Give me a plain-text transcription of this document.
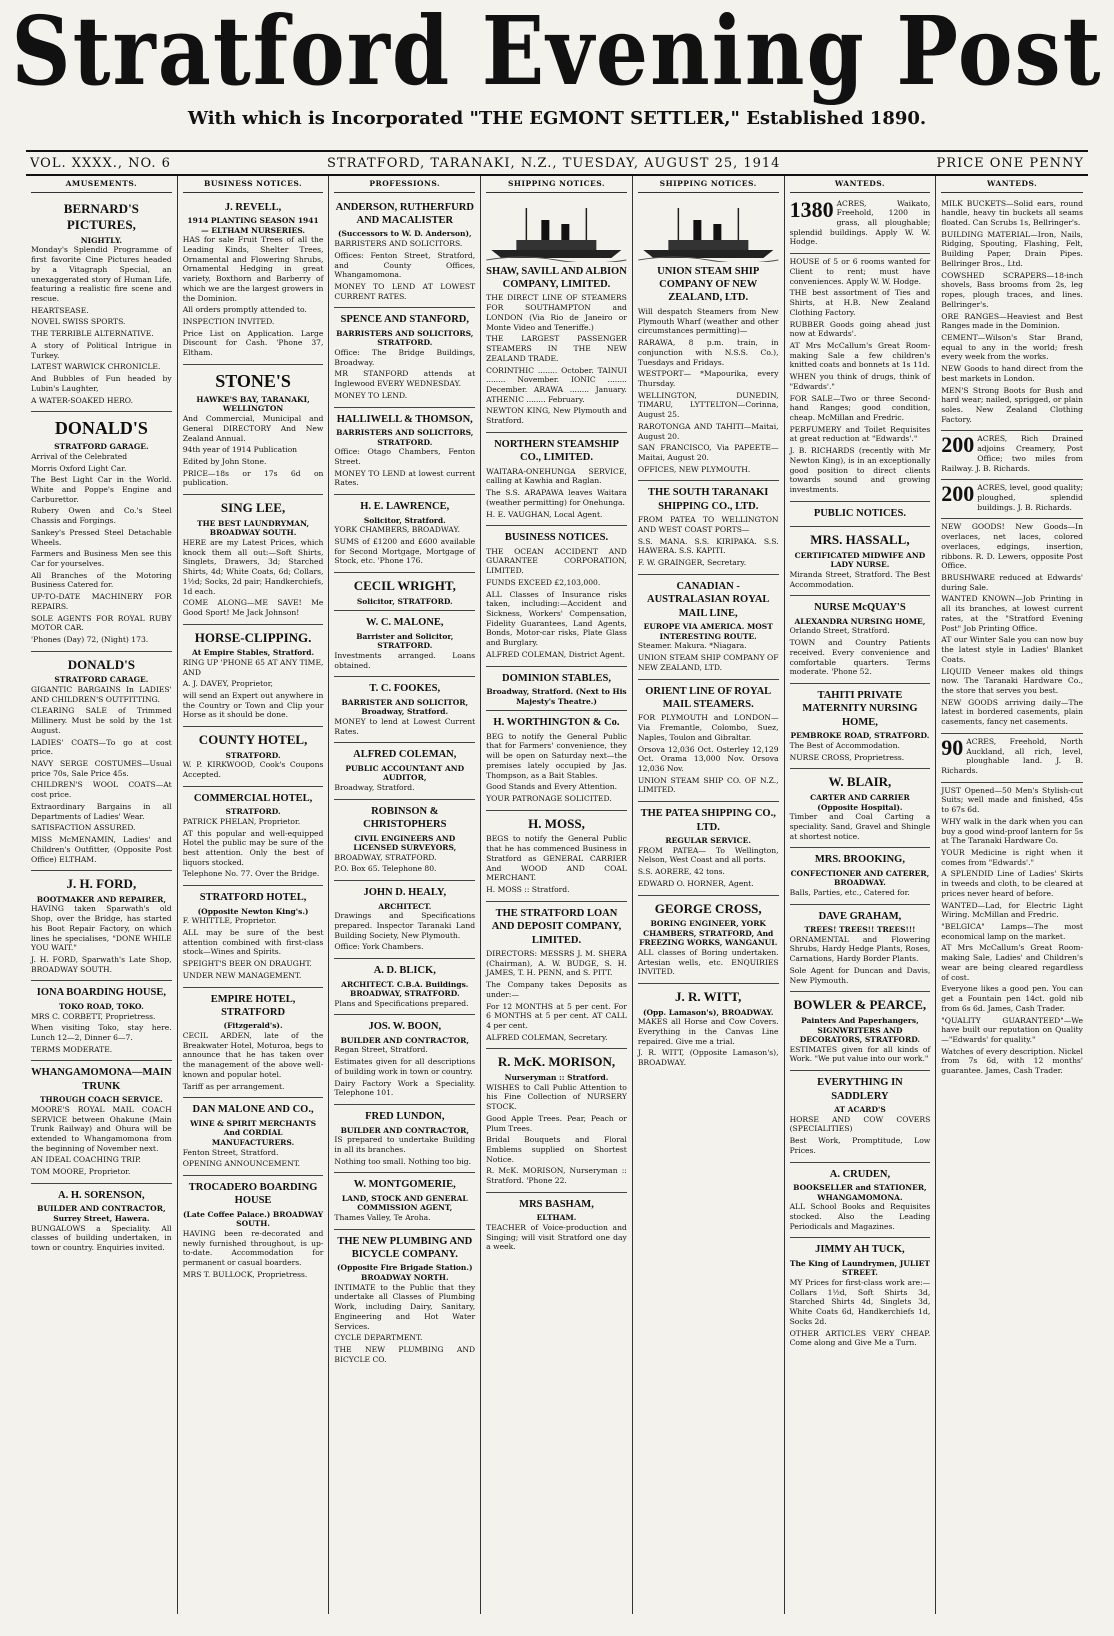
Stratford Evening Post
With which is Incorporated "THE EGMONT SETTLER," Established 1890.
VOL. XXXX., NO. 6	STRATFORD, TARANAKI, N.Z., TUESDAY, AUGUST 25, 1914	PRICE ONE PENNY
AMUSEMENTS.
BERNARD'S PICTURES,
NIGHTLY.

Monday's Splendid Programme of first favorite Cine Pictures headed by a Vitagraph Special, an unexaggerated story of Human Life, featuring a realistic fire scene and rescue.

HEARTSEASE.

NOVEL SWISS SPORTS.

THE TERRIBLE ALTERNATIVE.

A story of Political Intrigue in Turkey.

LATEST WARWICK CHRONICLE.

And Bubbles of Fun headed by Lubin's Laughter,

A WATER-SOAKED HERO.

DONALD'S
STRATFORD GARAGE.

Arrival of the Celebrated

Morris Oxford Light Car.

The Best Light Car in the World. White and Poppe's Engine and Carburettor.

Rubery Owen and Co.'s Steel Chassis and Forgings.

Sankey's Pressed Steel Detachable Wheels.

Farmers and Business Men see this Car for yourselves.

All Branches of the Motoring Business Catered for.

UP-TO-DATE MACHINERY FOR REPAIRS.

SOLE AGENTS FOR ROYAL RUBY MOTOR CAR.

'Phones (Day) 72, (Night) 173.

DONALD'S
STRATFORD CARAGE.

GIGANTIC BARGAINS In LADIES' AND CHILDREN'S OUTFITTING.

CLEARING SALE of Trimmed Millinery. Must be sold by the 1st August.

LADIES' COATS—To go at cost price.

NAVY SERGE COSTUMES—Usual price 70s, Sale Price 45s.

CHILDREN'S WOOL COATS—At cost price.

Extraordinary Bargains in all Departments of Ladies' Wear.

SATISFACTION ASSURED.

MISS McMENAMIN, Ladies' and Children's Outfitter, (Opposite Post Office) ELTHAM.

J. H. FORD,
BOOTMAKER AND REPAIRER,

HAVING taken Sparwath's old Shop, over the Bridge, has started his Boot Repair Factory, on which lines he specialises, "DONE WHILE YOU WAIT."

J. H. FORD, Sparwath's Late Shop, BROADWAY SOUTH.

IONA BOARDING HOUSE,
TOKO ROAD, TOKO.

MRS C. CORBETT, Proprietress.

When visiting Toko, stay here. Lunch 12—2, Dinner 6—7.

TERMS MODERATE.

WHANGAMOMONA—MAIN TRUNK
THROUGH COACH SERVICE.

MOORE'S ROYAL MAIL COACH SERVICE between Ohakune (Main Trunk Railway) and Ohura will be extended to Whangamomona from the beginning of November next.

AN IDEAL COACHING TRIP.

TOM MOORE, Proprietor.

A. H. SORENSON,
BUILDER AND CONTRACTOR, Surrey Street, Hawera.

BUNGALOWS a Speciality. All classes of building undertaken, in town or country. Enquiries invited.

BUSINESS NOTICES.
J. REVELL,
1914 PLANTING SEASON 1941 — ELTHAM NURSERIES.

HAS for sale Fruit Trees of all the Leading Kinds, Shelter Trees, Ornamental and Flowering Shrubs, Ornamental Hedging in great variety, Boxthorn and Barberry of which we are the largest growers in the Dominion.

All orders promptly attended to.

INSPECTION INVITED.

Price List on Application. Large Discount for Cash. 'Phone 37, Eltham.

STONE'S
HAWKE'S BAY, TARANAKI, WELLINGTON

And Commercial, Municipal and General DIRECTORY And New Zealand Annual.

94th year of 1914 Publication

Edited by John Stone.

PRICE—18s or 17s 6d on publication.

SING LEE,
THE BEST LAUNDRYMAN, BROADWAY SOUTH.

HERE are my Latest Prices, which knock them all out:—Soft Shirts, Singlets, Drawers, 3d; Starched Shirts, 4d; White Coats, 6d; Collars, 1½d; Socks, 2d pair; Handkerchiefs, 1d each.

COME ALONG—ME SAVE! Me Good Sport! Me Jack Johnson!

HORSE-CLIPPING.
At Empire Stables, Stratford.

RING UP 'PHONE 65 AT ANY TIME, AND

A. J. DAVEY, Proprietor,

will send an Expert out anywhere in the Country or Town and Clip your Horse as it should be done.

COUNTY HOTEL,
STRATFORD.

W. P. KIRKWOOD, Cook's Coupons Accepted.

COMMERCIAL HOTEL,
STRATFORD.

PATRICK PHELAN, Proprietor.

AT this popular and well-equipped Hotel the public may be sure of the best attention. Only the best of liquors stocked.

Telephone No. 77. Over the Bridge.

STRATFORD HOTEL,
(Opposite Newton King's.)

F. WHITTLE, Proprietor.

ALL may be sure of the best attention combined with first-class stock—Wines and Spirits.

SPEIGHT'S BEER ON DRAUGHT.

UNDER NEW MANAGEMENT.

EMPIRE HOTEL, STRATFORD
(Fitzgerald's).

CECIL ARDEN, late of the Breakwater Hotel, Moturoa, begs to announce that he has taken over the management of the above well-known and popular hotel.

Tariff as per arrangement.

DAN MALONE AND CO.,
WINE & SPIRIT MERCHANTS And CORDIAL MANUFACTURERS.

Fenton Street, Stratford.

OPENING ANNOUNCEMENT.

TROCADERO BOARDING HOUSE
(Late Coffee Palace.) BROADWAY SOUTH.

HAVING been re-decorated and newly furnished throughout, is up-to-date. Accommodation for permanent or casual boarders.

MRS T. BULLOCK, Proprietress.

PROFESSIONS.
ANDERSON, RUTHERFURD AND MACALISTER
(Successors to W. D. Anderson),

BARRISTERS AND SOLICITORS.

Offices: Fenton Street, Stratford, and County Offices, Whangamomona.

MONEY TO LEND AT LOWEST CURRENT RATES.

SPENCE AND STANFORD,
BARRISTERS AND SOLICITORS, STRATFORD.

Office: The Bridge Buildings, Broadway.

MR STANFORD attends at Inglewood EVERY WEDNESDAY.

MONEY TO LEND.

HALLIWELL & THOMSON,
BARRISTERS AND SOLICITORS, STRATFORD.

Office: Otago Chambers, Fenton Street.

MONEY TO LEND at lowest current Rates.

H. E. LAWRENCE,
Solicitor, Stratford.

YORK CHAMBERS, BROADWAY.

SUMS of £1200 and £600 available for Second Mortgage, Mortgage of Stock, etc. 'Phone 176.

CECIL WRIGHT,
Solicitor, STRATFORD.
W. C. MALONE,
Barrister and Solicitor, STRATFORD.

Investments arranged. Loans obtained.

T. C. FOOKES,
BARRISTER AND SOLICITOR, Broadway, Stratford.

MONEY to lend at Lowest Current Rates.

ALFRED COLEMAN,
PUBLIC ACCOUNTANT AND AUDITOR,

Broadway, Stratford.

ROBINSON & CHRISTOPHERS
CIVIL ENGINEERS AND LICENSED SURVEYORS,

BROADWAY, STRATFORD.

P.O. Box 65. Telephone 80.

JOHN D. HEALY,
ARCHITECT.

Drawings and Specifications prepared. Inspector Taranaki Land Building Society, New Plymouth.

Office: York Chambers.

A. D. BLICK,
ARCHITECT. C.B.A. Buildings. BROADWAY, STRATFORD.

Plans and Specifications prepared.

JOS. W. BOON,
BUILDER AND CONTRACTOR,

Regan Street, Stratford.

Estimates given for all descriptions of building work in town or country.

Dairy Factory Work a Speciality. Telephone 101.

FRED LUNDON,
BUILDER AND CONTRACTOR,

IS prepared to undertake Building in all its branches.

Nothing too small. Nothing too big.

W. MONTGOMERIE,
LAND, STOCK AND GENERAL COMMISSION AGENT,

Thames Valley, Te Aroha.

THE NEW PLUMBING AND BICYCLE COMPANY.
(Opposite Fire Brigade Station.) BROADWAY NORTH.

INTIMATE to the Public that they undertake all Classes of Plumbing Work, including Dairy, Sanitary, Engineering and Hot Water Services.

CYCLE DEPARTMENT.

THE NEW PLUMBING AND BICYCLE CO.

SHIPPING NOTICES.
SHAW, SAVILL AND ALBION COMPANY, LIMITED.

THE DIRECT LINE OF STEAMERS FOR SOUTHAMPTON and LONDON (Via Rio de Janeiro or Monte Video and Teneriffe.)

THE LARGEST PASSENGER STEAMERS IN THE NEW ZEALAND TRADE.

CORINTHIC ........ October. TAINUI ........ November. IONIC ........ December. ARAWA ........ January. ATHENIC ........ February.

NEWTON KING, New Plymouth and Stratford.

NORTHERN STEAMSHIP CO., LIMITED.

WAITARA-ONEHUNGA SERVICE, calling at Kawhia and Raglan.

The S.S. ARAPAWA leaves Waitara (weather permitting) for Onehunga.

H. E. VAUGHAN, Local Agent.

BUSINESS NOTICES.

THE OCEAN ACCIDENT AND GUARANTEE CORPORATION, LIMITED.

FUNDS EXCEED £2,103,000.

ALL Classes of Insurance risks taken, including:—Accident and Sickness, Workers' Compensation, Fidelity Guarantees, Land Agents, Bonds, Motor-car risks, Plate Glass and Burglary.

ALFRED COLEMAN, District Agent.

DOMINION STABLES,
Broadway, Stratford. (Next to His Majesty's Theatre.)
H. WORTHINGTON & Co.

BEG to notify the General Public that for Farmers' convenience, they will be open on Saturday next—the premises lately occupied by Jas. Thompson, as a Bait Stables.

Good Stands and Every Attention.

YOUR PATRONAGE SOLICITED.

H. MOSS,

BEGS to notify the General Public that he has commenced Business in Stratford as GENERAL CARRIER And WOOD AND COAL MERCHANT.

H. MOSS :: Stratford.

THE STRATFORD LOAN AND DEPOSIT COMPANY, LIMITED.

DIRECTORS: MESSRS J. M. SHERA (Chairman), A. W. BUDGE, S. H. JAMES, T. H. PENN, and S. PITT.

The Company takes Deposits as under:—

For 12 MONTHS at 5 per cent. For 6 MONTHS at 5 per cent. AT CALL 4 per cent.

ALFRED COLEMAN, Secretary.

R. McK. MORISON,
Nurseryman :: Stratford.

WISHES to Call Public Attention to his Fine Collection of NURSERY STOCK.

Good Apple Trees. Pear, Peach or Plum Trees.

Bridal Bouquets and Floral Emblems supplied on Shortest Notice.

R. McK. MORISON, Nurseryman :: Stratford. 'Phone 22.

MRS BASHAM,
ELTHAM.

TEACHER of Voice-production and Singing; will visit Stratford one day a week.

SHIPPING NOTICES.
UNION STEAM SHIP COMPANY OF NEW ZEALAND, LTD.

Will despatch Steamers from New Plymouth Wharf (weather and other circumstances permitting)—

RARAWA, 8 p.m. train, in conjunction with N.S.S. Co.), Tuesdays and Fridays.

WESTPORT— *Mapourika, every Thursday.

WELLINGTON, DUNEDIN, TIMARU, LYTTELTON—Corinna, August 25.

RAROTONGA AND TAHITI—Maitai, August 20.

SAN FRANCISCO, Via PAPEETE—Maitai, August 20.

OFFICES, NEW PLYMOUTH.

THE SOUTH TARANAKI SHIPPING CO., LTD.

FROM PATEA TO WELLINGTON AND WEST COAST PORTS—

S.S. MANA. S.S. KIRIPAKA. S.S. HAWERA. S.S. KAPITI.

F. W. GRAINGER, Secretary.

CANADIAN - AUSTRALASIAN ROYAL MAIL LINE,
EUROPE VIA AMERICA. MOST INTERESTING ROUTE.

Steamer. Makura. *Niagara.

UNION STEAM SHIP COMPANY OF NEW ZEALAND, LTD.

ORIENT LINE OF ROYAL MAIL STEAMERS.

FOR PLYMOUTH and LONDON—Via Fremantle, Colombo, Suez, Naples, Toulon and Gibraltar.

Orsova 12,036 Oct. Osterley 12,129 Oct. Orama 13,000 Nov. Orsova 12,036 Nov.

UNION STEAM SHIP CO. OF N.Z., LIMITED.

THE PATEA SHIPPING CO., LTD.
REGULAR SERVICE.

FROM PATEA— To Wellington, Nelson, West Coast and all ports.

S.S. AORERE, 42 tons.

EDWARD O. HORNER, Agent.

GEORGE CROSS,
BORING ENGINEER, YORK CHAMBERS, STRATFORD, And FREEZING WORKS, WANGANUI.

ALL classes of Boring undertaken. Artesian wells, etc. ENQUIRIES INVITED.

J. R. WITT,
(Opp. Lamason's), BROADWAY.

MAKES all Horse and Cow Covers. Everything in the Canvas Line repaired. Give me a trial.

J. R. WITT, (Opposite Lamason's), BROADWAY.

WANTEDS.

1380 ACRES, Waikato, Freehold, 1200 in grass, all ploughable; splendid buildings. Apply W. W. Hodge.

HOUSE of 5 or 6 rooms wanted for Client to rent; must have conveniences. Apply W. W. Hodge.

THE best assortment of Ties and Shirts, at H.B. New Zealand Clothing Factory.

RUBBER Goods going ahead just now at Edwards'.

AT Mrs McCallum's Great Room-making Sale a few children's knitted coats and bonnets at 1s 11d.

WHEN you think of drugs, think of "Edwards'."

FOR SALE—Two or three Second-hand Ranges; good condition, cheap. McMillan and Fredric.

PERFUMERY and Toilet Requisites at great reduction at "Edwards'."

J. B. RICHARDS (recently with Mr Newton King), is in an exceptionally good position to direct clients towards sound and growing investments.

PUBLIC NOTICES.
MRS. HASSALL,
CERTIFICATED MIDWIFE AND LADY NURSE.

Miranda Street, Stratford. The Best Accommodation.

NURSE McQUAY'S
ALEXANDRA NURSING HOME,

Orlando Street, Stratford.

TOWN and Country Patients received. Every convenience and comfortable quarters. Terms moderate. 'Phone 52.

TAHITI PRIVATE MATERNITY NURSING HOME,
PEMBROKE ROAD, STRATFORD.

The Best of Accommodation.

NURSE CROSS, Proprietress.

W. BLAIR,
CARTER AND CARRIER (Opposite Hospital).

Timber and Coal Carting a speciality. Sand, Gravel and Shingle at shortest notice.

MRS. BROOKING,
CONFECTIONER AND CATERER, BROADWAY.

Balls, Parties, etc., Catered for.

DAVE GRAHAM,
TREES! TREES!! TREES!!!

ORNAMENTAL and Flowering Shrubs, Hardy Hedge Plants, Roses, Carnations, Hardy Border Plants.

Sole Agent for Duncan and Davis, New Plymouth.

BOWLER & PEARCE,
Painters And Paperhangers, SIGNWRITERS AND DECORATORS, STRATFORD.

ESTIMATES given for all kinds of Work. "We put value into our work."

EVERYTHING IN SADDLERY
AT ACARD'S

HORSE AND COW COVERS (SPECIALITIES)

Best Work, Promptitude, Low Prices.

A. CRUDEN,
BOOKSELLER and STATIONER, WHANGAMOMONA.

ALL School Books and Requisites stocked. Also the Leading Periodicals and Magazines.

JIMMY AH TUCK,
The King of Laundrymen, JULIET STREET.

MY Prices for first-class work are:—Collars 1½d, Soft Shirts 3d, Starched Shirts 4d, Singlets 3d, White Coats 6d, Handkerchiefs 1d, Socks 2d.

OTHER ARTICLES VERY CHEAP. Come along and Give Me a Turn.

WANTEDS.

MILK BUCKETS—Solid ears, round handle, heavy tin buckets all seams floated. Can Scrubs 1s, Bellringer's.

BUILDING MATERIAL—Iron, Nails, Ridging, Spouting, Flashing, Felt, Building Paper, Drain Pipes. Bellringer Bros., Ltd.

COWSHED SCRAPERS—18-inch shovels, Bass brooms from 2s, leg ropes, plough traces, and lines. Bellringer's.

ORE RANGES—Heaviest and Best Ranges made in the Dominion.

CEMENT—Wilson's Star Brand, equal to any in the world; fresh every week from the works.

NEW Goods to hand direct from the best markets in London.

MEN'S Strong Boots for Bush and hard wear; nailed, sprigged, or plain soles. New Zealand Clothing Factory.

200 ACRES, Rich Drained adjoins Creamery, Post Office; two miles from Railway. J. B. Richards.

200 ACRES, level, good quality; ploughed, splendid buildings. J. B. Richards.

NEW GOODS! New Goods—In overlaces, net laces, colored overlaces, edgings, insertion, ribbons. R. D. Lewers, opposite Post Office.

BRUSHWARE reduced at Edwards' during Sale.

WANTED KNOWN—Job Printing in all its branches, at lowest current rates, at the "Stratford Evening Post" Job Printing Office.

AT our Winter Sale you can now buy the latest style in Ladies' Blanket Coats.

LIQUID Veneer makes old things now. The Taranaki Hardware Co., the store that serves you best.

NEW GOODS arriving daily—The latest in bordered casements, plain casements, fancy net casements.

90 ACRES, Freehold, North Auckland, all rich, level, ploughable land. J. B. Richards.

JUST Opened—50 Men's Stylish-cut Suits; well made and finished, 45s to 67s 6d.

WHY walk in the dark when you can buy a good wind-proof lantern for 5s at The Taranaki Hardware Co.

YOUR Medicine is right when it comes from "Edwards'."

A SPLENDID Line of Ladies' Skirts in tweeds and cloth, to be cleared at prices never heard of before.

WANTED—Lad, for Electric Light Wiring. McMillan and Fredric.

"BELGICA" Lamps—The most economical lamp on the market.

AT Mrs McCallum's Great Room-making Sale, Ladies' and Children's wear are being cleared regardless of cost.

Everyone likes a good pen. You can get a Fountain pen 14ct. gold nib from 6s 6d. James, Cash Trader.

"QUALITY GUARANTEED"—We have built our reputation on Quality—"Edwards' for quality."

Watches of every description. Nickel from 7s 6d, with 12 months' guarantee. James, Cash Trader.
